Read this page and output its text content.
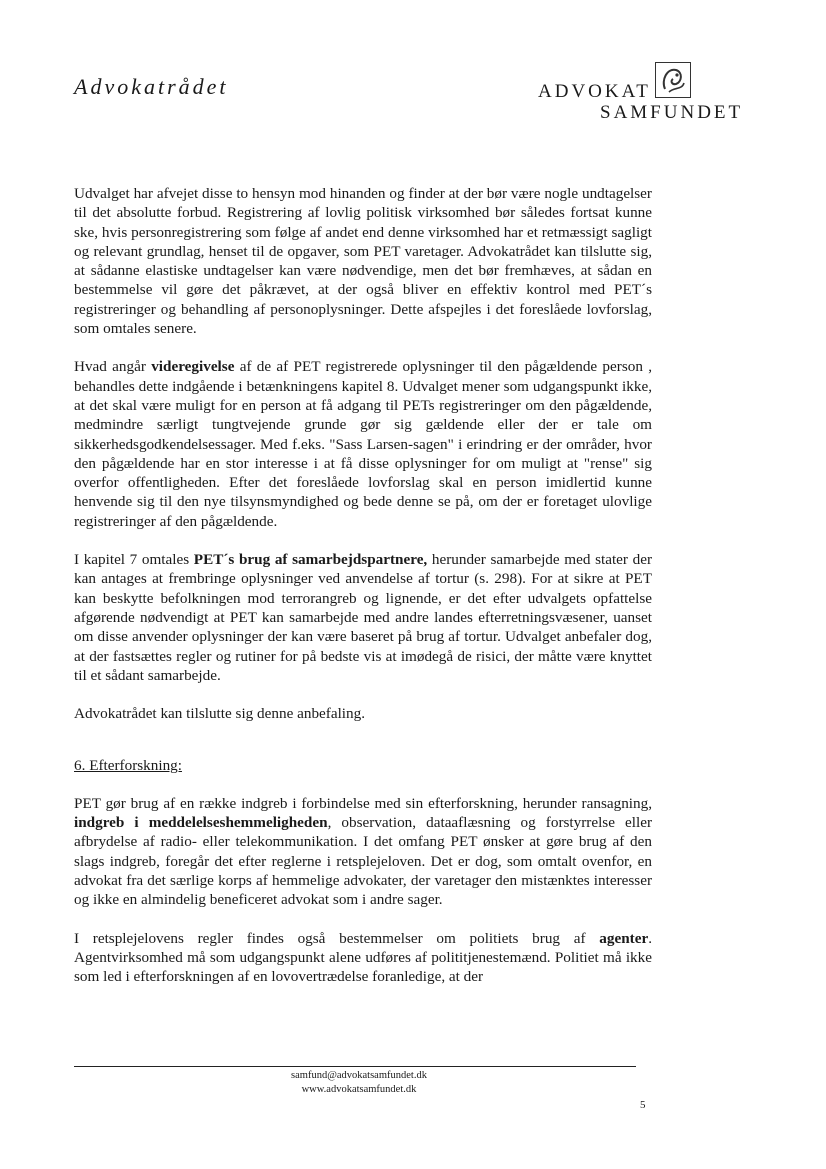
Advokatrådet	ADVOKAT
SAMFUNDET

Udvalget har afvejet disse to hensyn mod hinanden og finder at der bør være nogle undtagelser til det absolutte forbud. Registrering af lovlig politisk virksomhed bør således fortsat kunne ske, hvis personregistrering som følge af andet end denne virksomhed har et retmæssigt sagligt og relevant grundlag, henset til de opgaver, som PET varetager. Advokatrådet kan tilslutte sig, at sådanne elastiske undtagelser kan være nødvendige, men det bør fremhæves, at sådan en bestemmelse vil gøre det påkrævet, at der også bliver en effektiv kontrol med PET´s registreringer og behandling af personoplysninger. Dette afspejles i det foreslåede lovforslag, som omtales senere.

Hvad angår videregivelse af de af PET registrerede oplysninger til den pågældende person , behandles dette indgående i betænkningens kapitel 8. Udvalget mener som udgangspunkt ikke, at det skal være muligt for en person at få adgang til PETs registreringer om den pågældende, medmindre særligt tungtvejende grunde gør sig gældende eller der er tale om sikkerhedsgodkendelsessager. Med f.eks. "Sass Larsen-sagen" i erindring er der områder, hvor den pågældende har en stor interesse i at få disse oplysninger for om muligt at "rense" sig overfor offentligheden. Efter det foreslåede lovforslag skal en person imidlertid kunne henvende sig til den nye tilsynsmyndighed og bede denne se på, om der er foretaget ulovlige registreringer af den pågældende.

I kapitel 7 omtales PET´s brug af samarbejdspartnere, herunder samarbejde med stater der kan antages at frembringe oplysninger ved anvendelse af tortur (s. 298). For at sikre at PET kan beskytte befolkningen mod terrorangreb og lignende, er det efter udvalgets opfattelse afgørende nødvendigt at PET kan samarbejde med andre landes efterretningsvæsener, uanset om disse anvender oplysninger der kan være baseret på brug af tortur. Udvalget anbefaler dog, at der fastsættes regler og rutiner for på bedste vis at imødegå de risici, der måtte være knyttet til et sådant samarbejde.

Advokatrådet kan tilslutte sig denne anbefaling.

6. Efterforskning:

PET gør brug af en række indgreb i forbindelse med sin efterforskning, herunder ransagning, indgreb i meddelelseshemmeligheden, observation, dataaflæsning og forstyrrelse eller afbrydelse af radio- eller telekommunikation. I det omfang PET ønsker at gøre brug af den slags indgreb, foregår det efter reglerne i retsplejeloven. Det er dog, som omtalt ovenfor, en advokat fra det særlige korps af hemmelige advokater, der varetager den mistænktes interesser og ikke en almindelig beneficeret advokat som i andre sager.

I retsplejelovens regler findes også bestemmelser om politiets brug af agenter. Agentvirksomhed må som udgangspunkt alene udføres af polititjenestemænd. Politiet må ikke som led i efterforskningen af en lovovertrædelse foranledige, at der

samfund@advokatsamfundet.dk
www.advokatsamfundet.dk
5
